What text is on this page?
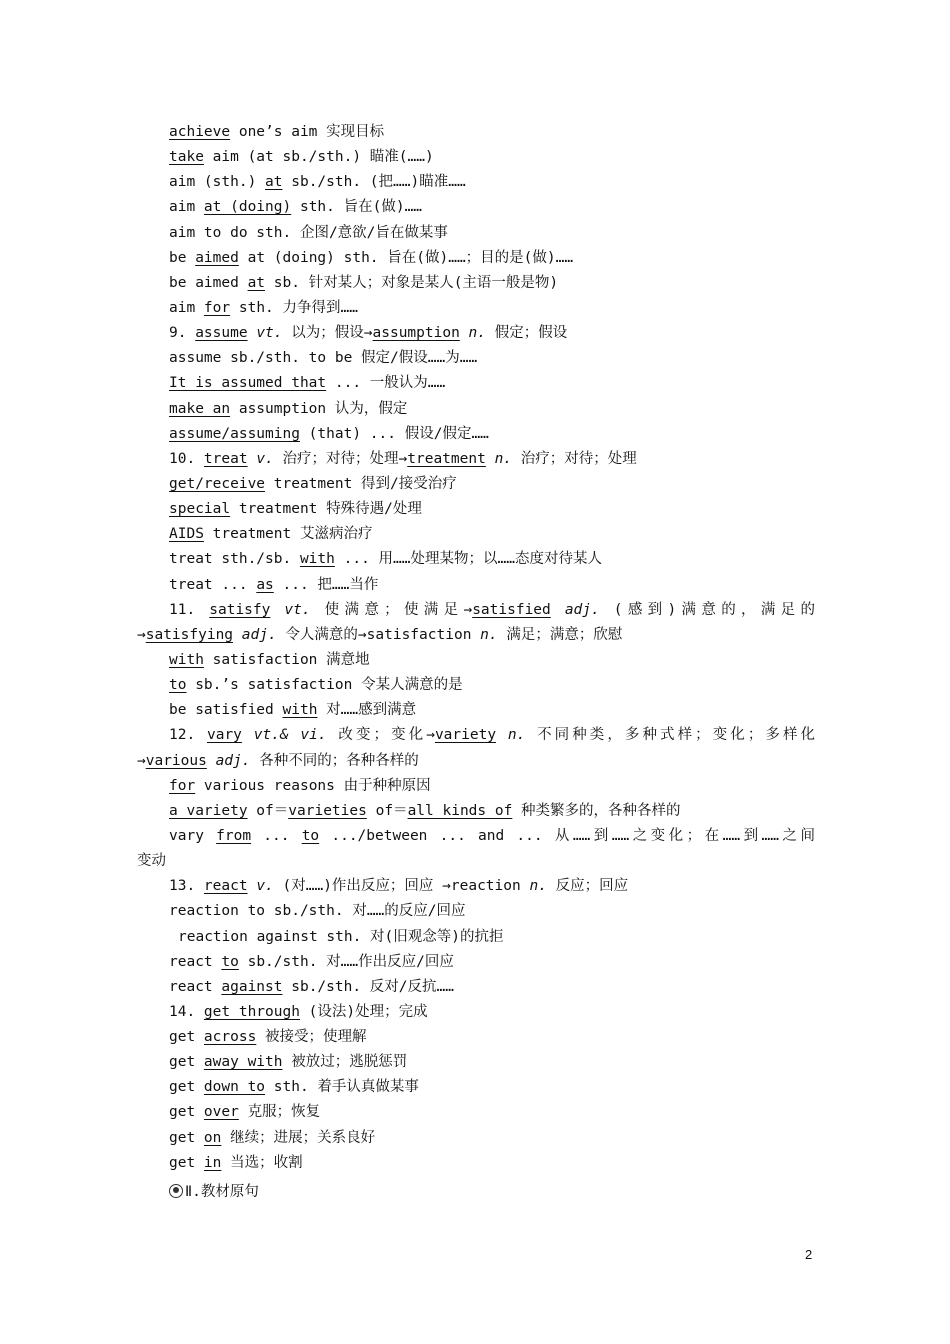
achieve one’s aim 实现目标
take aim (at sb./sth.) 瞄准(……)
aim (sth.) at sb./sth. (把……)瞄准……
aim at (doing) sth. 旨在(做)……
aim to do sth. 企图/意欲/旨在做某事
be aimed at (doing) sth. 旨在(做)……；目的是(做)……
be aimed at sb. 针对某人；对象是某人(主语一般是物)
aim for sth. 力争得到……
9. assume vt. 以为；假设→assumption n. 假定；假设
assume sb./sth. to be 假定/假设……为……
It is assumed that ... 一般认为……
make an assumption 认为，假定
assume/assuming (that) ... 假设/假定……
10. treat v. 治疗；对待；处理→treatment n. 治疗；对待；处理
get/receive treatment 得到/接受治疗
special treatment 特殊待遇/处理
AIDS treatment 艾滋病治疗
treat sth./sb. with ... 用……处理某物；以……态度对待某人
treat ... as ... 把……当作
11. satisfy vt. 使满意；使满足→satisfied adj. (感到)满意的，满足的
→satisfying adj. 令人满意的→satisfaction n. 满足；满意；欣慰
with satisfaction 满意地
to sb.’s satisfaction 令某人满意的是
be satisfied with 对……感到满意
12. vary vt.& vi. 改变；变化→variety n. 不同种类，多种式样；变化；多样化
→various adj. 各种不同的；各种各样的
for various reasons 由于种种原因
a variety of＝varieties of＝all kinds of 种类繁多的，各种各样的
vary from ... to .../between ... and ... 从……到……之变化；在……到……之间
变动
13. react v. (对……)作出反应；回应 →reaction n. 反应；回应
reaction to sb./sth. 对……的反应/回应
reaction against sth. 对(旧观念等)的抗拒
react to sb./sth. 对……作出反应/回应
react against sb./sth. 反对/反抗……
14. get through (设法)处理；完成
get across 被接受；使理解
get away with 被放过；逃脱惩罚
get down to sth. 着手认真做某事
get over 克服；恢复
get on 继续；进展；关系良好
get in 当选；收割
Ⅱ.教材原句
2
